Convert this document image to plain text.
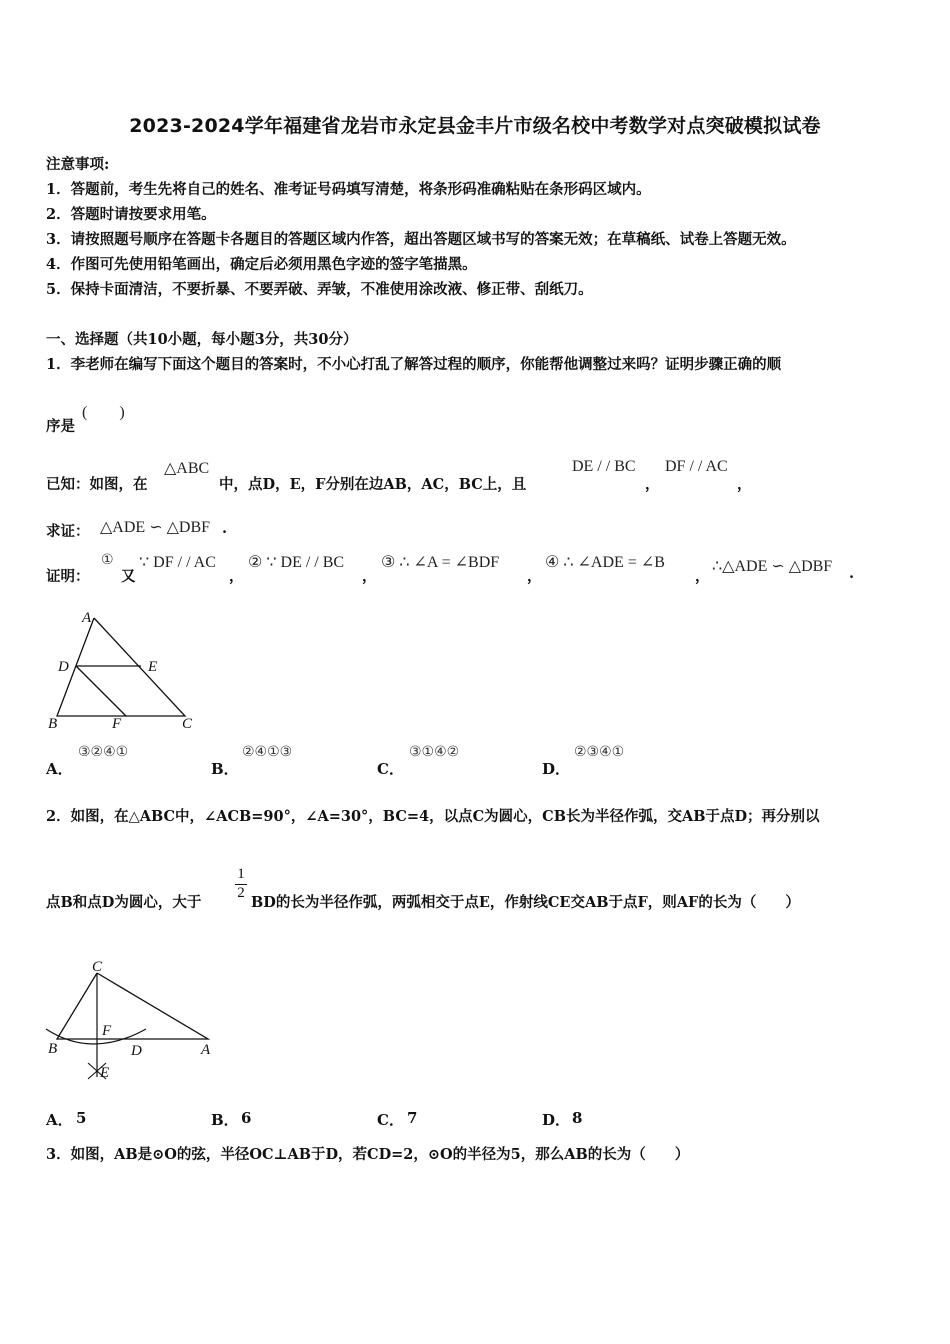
2023-2024学年福建省龙岩市永定县金丰片市级名校中考数学对点突破模拟试卷
注意事项:
1．答题前，考生先将自己的姓名、准考证号码填写清楚，将条形码准确粘贴在条形码区域内。
2．答题时请按要求用笔。
3．请按照题号顺序在答题卡各题目的答题区域内作答，超出答题区域书写的答案无效；在草稿纸、试卷上答题无效。
4．作图可先使用铅笔画出，确定后必须用黑色字迹的签字笔描黑。
5．保持卡面清洁，不要折暴、不要弄破、弄皱，不准使用涂改液、修正带、刮纸刀。
一、选择题（共10小题，每小题3分，共30分）
1．李老师在编写下面这个题目的答案时，不小心打乱了解答过程的顺序，你能帮他调整过来吗？证明步骤正确的顺
序是
(　　)
已知：如图，在
△ABC
中，点D，E，F分别在边AB，AC，BC上，且
DE / / BC
，
DF / / AC
，
求证： △ADE ∽ △DBF .
证明：
①
又
∵ DF / / AC
，
② ∵ DE / / BC
，
③ ∴ ∠A = ∠BDF
，
④ ∴ ∠ADE = ∠B
，
∴△ADE ∽ △DBF .
A
D	E
B	F	C
A．
③②④①
B．
②④①③
C．
③①④②
D．
②③④①
2．如图，在△ABC中，∠ACB=90°，∠A=30°，BC=4，以点C为圆心，CB长为半径作弧，交AB于点D；再分别以
点B和点D为圆心，大于
1
2
BD的长为半径作弧，两弧相交于点E，作射线CE交AB于点F，则AF的长为（　　）
C
F
B	D	A
E
A． 5	B． 6	C． 7	D． 8
3．如图，AB是⊙O的弦，半径OC⊥AB于D，若CD=2，⊙O的半径为5，那么AB的长为（　　）
